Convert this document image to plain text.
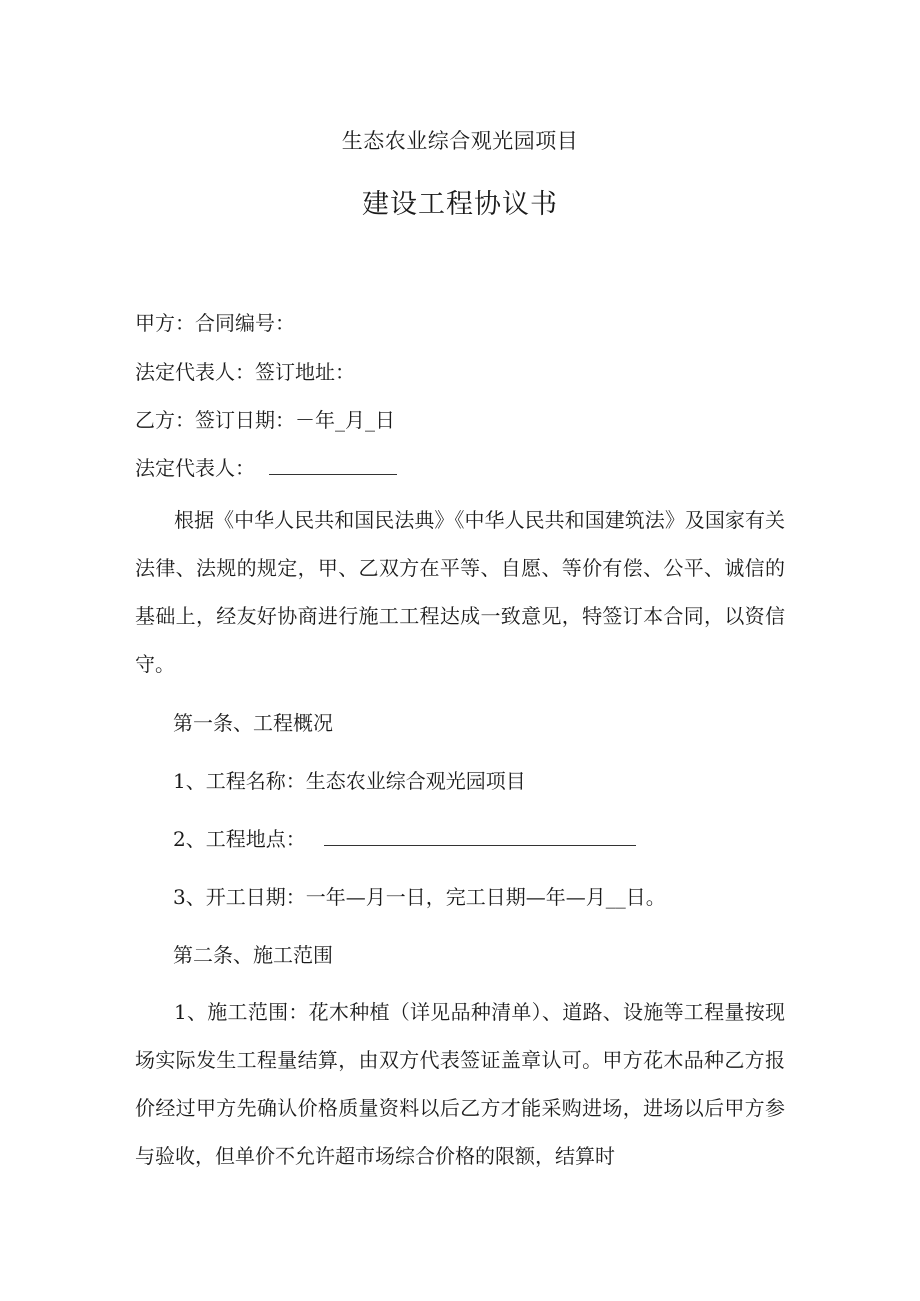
生态农业综合观光园项目
建设工程协议书
甲方：合同编号：
法定代表人：签订地址：
乙方：签订日期：－年_月_日
法定代表人：
根据《中华人民共和国民法典》《中华人民共和国建筑法》及国家有关法律、法规的规定，甲、乙双方在平等、自愿、等价有偿、公平、诚信的基础上，经友好协商进行施工工程达成一致意见，特签订本合同，以资信守。
第一条、工程概况
1、工程名称：生态农业综合观光园项目
2、工程地点：
3、开工日期：一年—月一日，完工日期—年—月__日。
第二条、施工范围
1、施工范围：花木种植（详见品种清单）、道路、设施等工程量按现场实际发生工程量结算，由双方代表签证盖章认可。甲方花木品种乙方报价经过甲方先确认价格质量资料以后乙方才能采购进场，进场以后甲方参与验收，但单价不允许超市场综合价格的限额，结算时
